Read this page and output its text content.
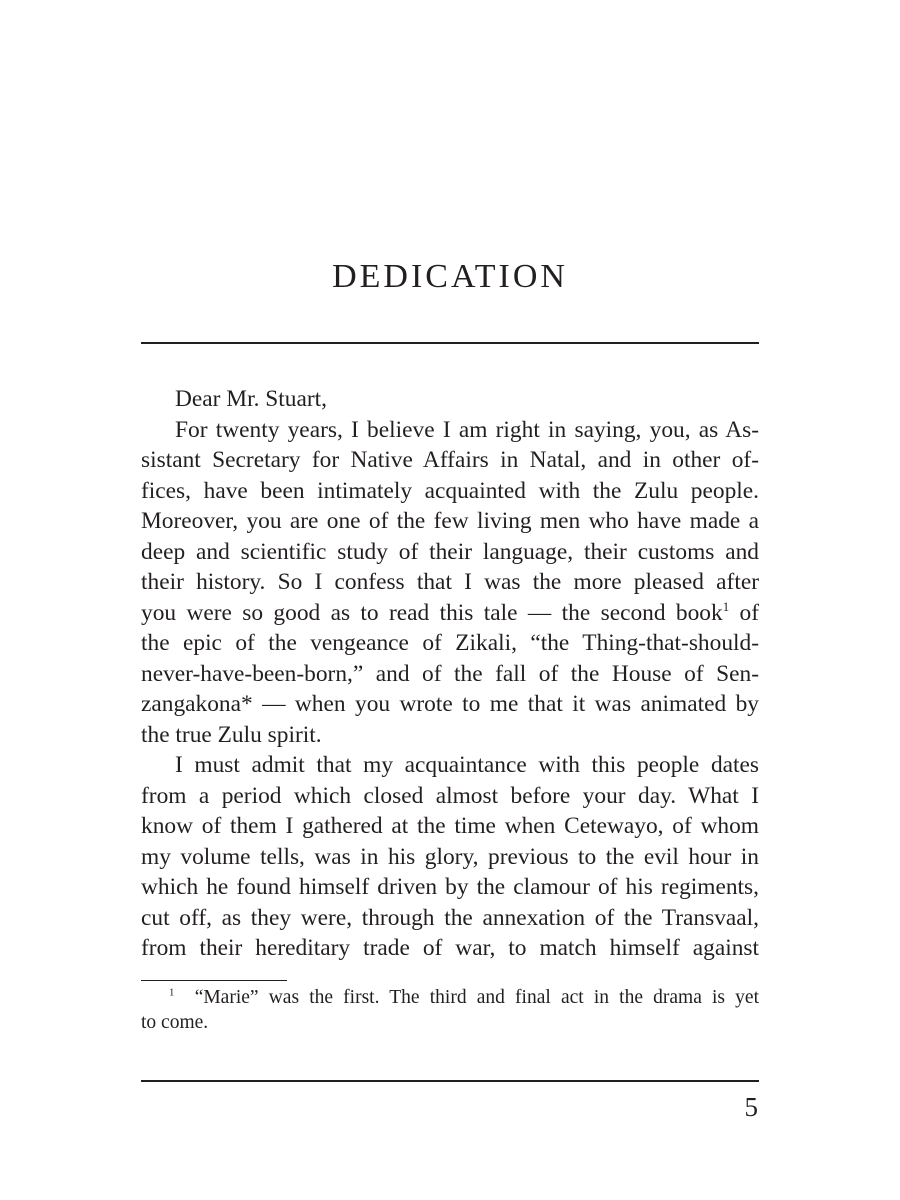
DEDICATION

Dear Mr. Stuart,

For twenty years, I believe I am right in saying, you, as As-
sistant Secretary for Native Affairs in Natal, and in other of-
fices, have been intimately acquainted with the Zulu people.
Moreover, you are one of the few living men who have made a
deep and scientific study of their language, their customs and
their history. So I confess that I was the more pleased after
you were so good as to read this tale — the second book$^1$ of
the epic of the vengeance of Zikali, “the Thing-that-should-
never-have-been-born,” and of the fall of the House of Sen-
zangakona* — when you wrote to me that it was animated by
the true Zulu spirit.

I must admit that my acquaintance with this people dates
from a period which closed almost before your day. What I
know of them I gathered at the time when Cetewayo, of whom
my volume tells, was in his glory, previous to the evil hour in
which he found himself driven by the clamour of his regiments,
cut off, as they were, through the annexation of the Transvaal,
from their hereditary trade of war, to match himself against

$^1$ “Marie” was the first. The third and final act in the drama is yet
to come.
5
